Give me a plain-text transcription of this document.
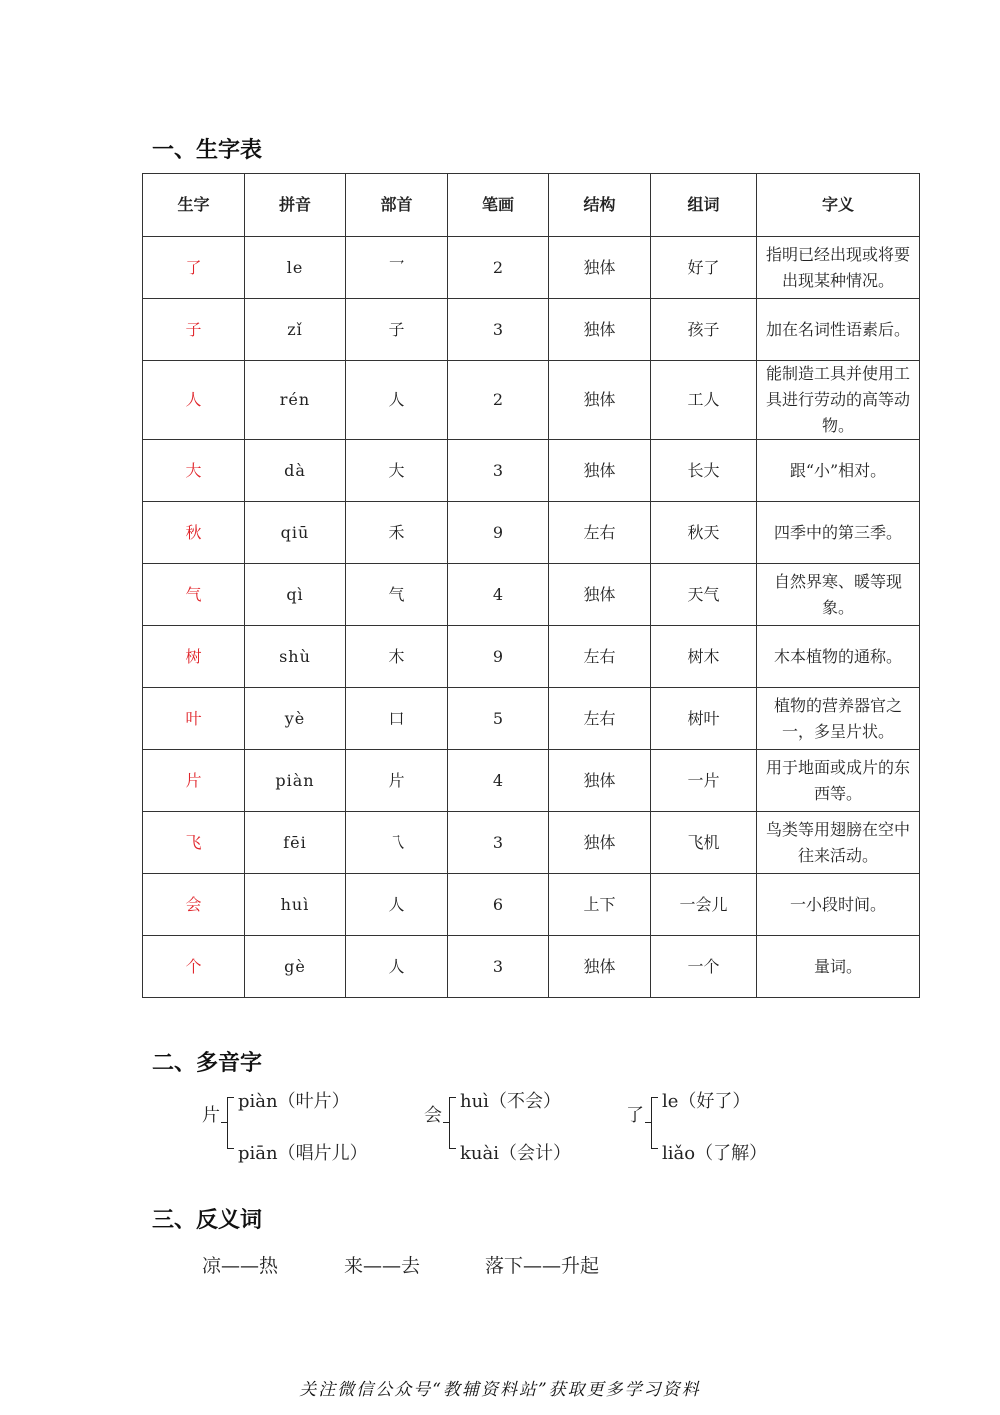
一、生字表
生字	拼音	部首	笔画	结构	组词	字义
了	le	乛	2	独体	好了	指明已经出现或将要出现某种情况。
子	zǐ	子	3	独体	孩子	加在名词性语素后。
人	rén	人	2	独体	工人	能制造工具并使用工具进行劳动的高等动物。
大	dà	大	3	独体	长大	跟“小”相对。
秋	qiū	禾	9	左右	秋天	四季中的第三季。
气	qì	气	4	独体	天气	自然界寒、暖等现象。
树	shù	木	9	左右	树木	木本植物的通称。
叶	yè	口	5	左右	树叶	植物的营养器官之一，多呈片状。
片	piàn	片	4	独体	一片	用于地面或成片的东西等。
飞	fēi	乁	3	独体	飞机	鸟类等用翅膀在空中往来活动。
会	huì	人	6	上下	一会儿	一小段时间。
个	gè	人	3	独体	一个	量词。
二、多音字
片
piàn（叶片）
piān（唱片儿）
会
huì（不会）
kuài（会计）
了
le（好了）
liǎo（了解）
三、反义词
凉——热	来——去	落下——升起
关注微信公众号“教辅资料站”获取更多学习资料
